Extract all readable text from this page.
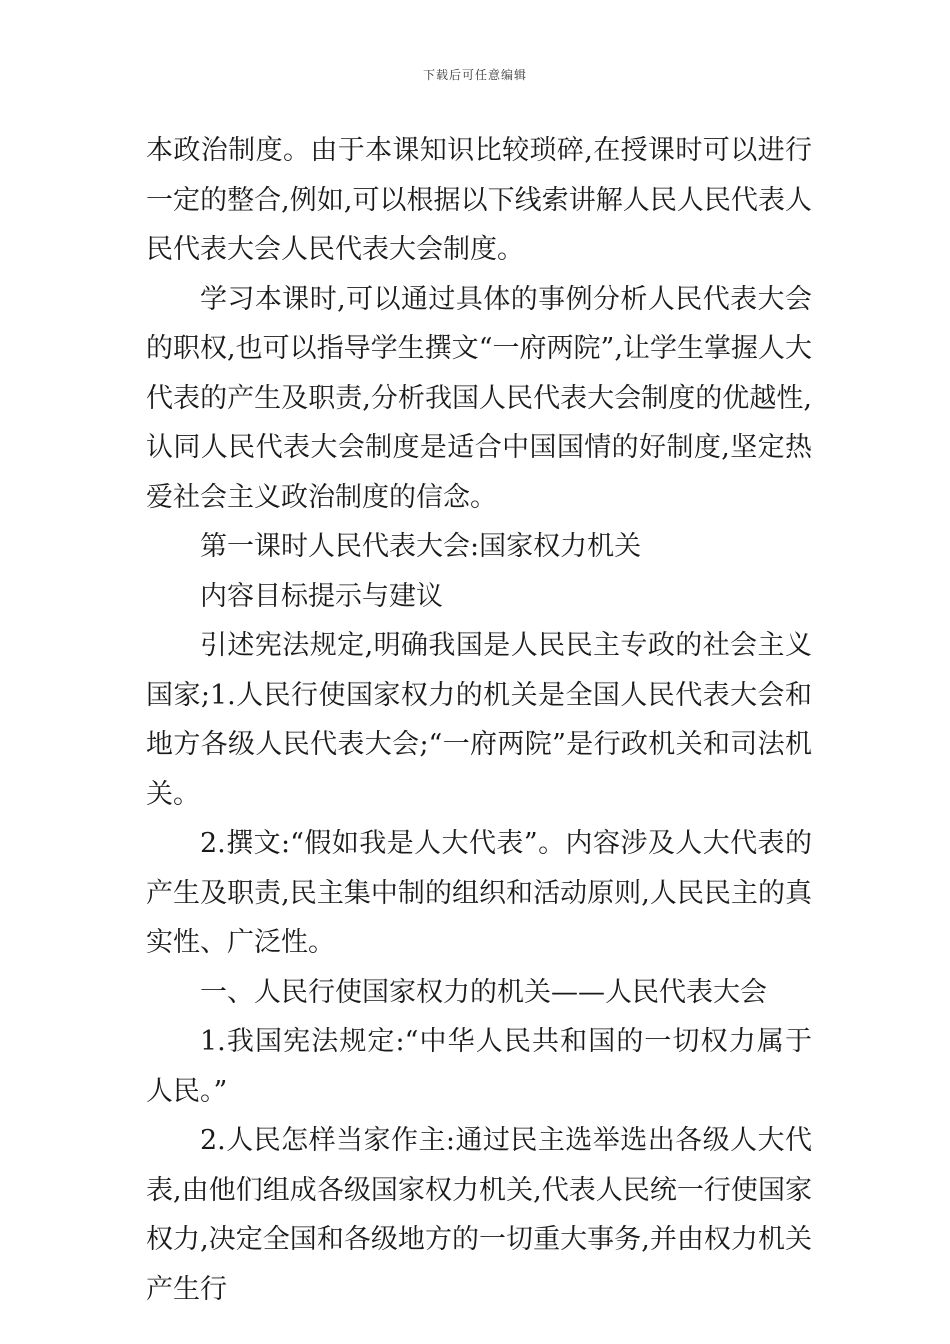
下载后可任意编辑

本政治制度。由于本课知识比较琐碎,在授课时可以进行一定的整合,例如,可以根据以下线索讲解人民人民代表人民代表大会人民代表大会制度。

学习本课时,可以通过具体的事例分析人民代表大会的职权,也可以指导学生撰文“一府两院”,让学生掌握人大代表的产生及职责,分析我国人民代表大会制度的优越性,认同人民代表大会制度是适合中国国情的好制度,坚定热爱社会主义政治制度的信念。

第一课时人民代表大会:国家权力机关

内容目标提示与建议

引述宪法规定,明确我国是人民民主专政的社会主义国家;1.人民行使国家权力的机关是全国人民代表大会和地方各级人民代表大会;“一府两院”是行政机关和司法机关。

2.撰文:“假如我是人大代表”。内容涉及人大代表的产生及职责,民主集中制的组织和活动原则,人民民主的真实性、广泛性。

一、人民行使国家权力的机关——人民代表大会

1.我国宪法规定:“中华人民共和国的一切权力属于人民。”

2.人民怎样当家作主:通过民主选举选出各级人大代表,由他们组成各级国家权力机关,代表人民统一行使国家权力,决定全国和各级地方的一切重大事务,并由权力机关产生行
